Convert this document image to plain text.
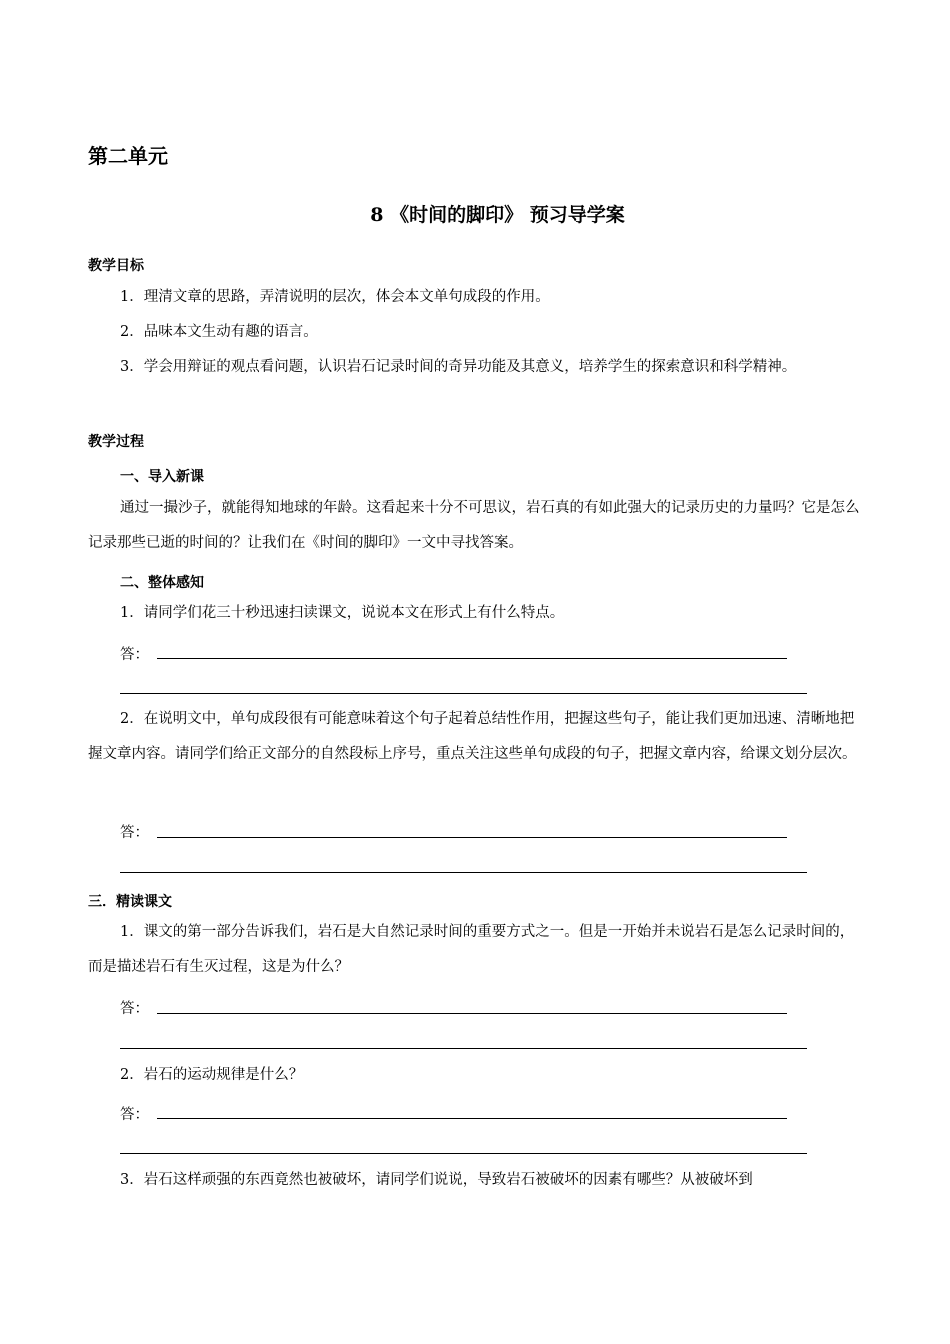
第二单元
8 《时间的脚印》 预习导学案
教学目标
1．理清文章的思路，弄清说明的层次，体会本文单句成段的作用。
2．品味本文生动有趣的语言。
3．学会用辩证的观点看问题，认识岩石记录时间的奇异功能及其意义，培养学生的探索意识和科学精神。
教学过程
一、导入新课
通过一撮沙子，就能得知地球的年龄。这看起来十分不可思议，岩石真的有如此强大的记录历史的力量吗？它是怎么记录那些已逝的时间的？让我们在《时间的脚印》一文中寻找答案。
二、整体感知
1．请同学们花三十秒迅速扫读课文，说说本文在形式上有什么特点。
答：
2．在说明文中，单句成段很有可能意味着这个句子起着总结性作用，把握这些句子，能让我们更加迅速、清晰地把握文章内容。请同学们给正文部分的自然段标上序号，重点关注这些单句成段的句子，把握文章内容，给课文划分层次。
答：
三．精读课文
1．课文的第一部分告诉我们，岩石是大自然记录时间的重要方式之一。但是一开始并未说岩石是怎么记录时间的，而是描述岩石有生灭过程，这是为什么？
答：
2．岩石的运动规律是什么？
答：
3．岩石这样顽强的东西竟然也被破坏，请同学们说说，导致岩石被破坏的因素有哪些？从被破坏到
